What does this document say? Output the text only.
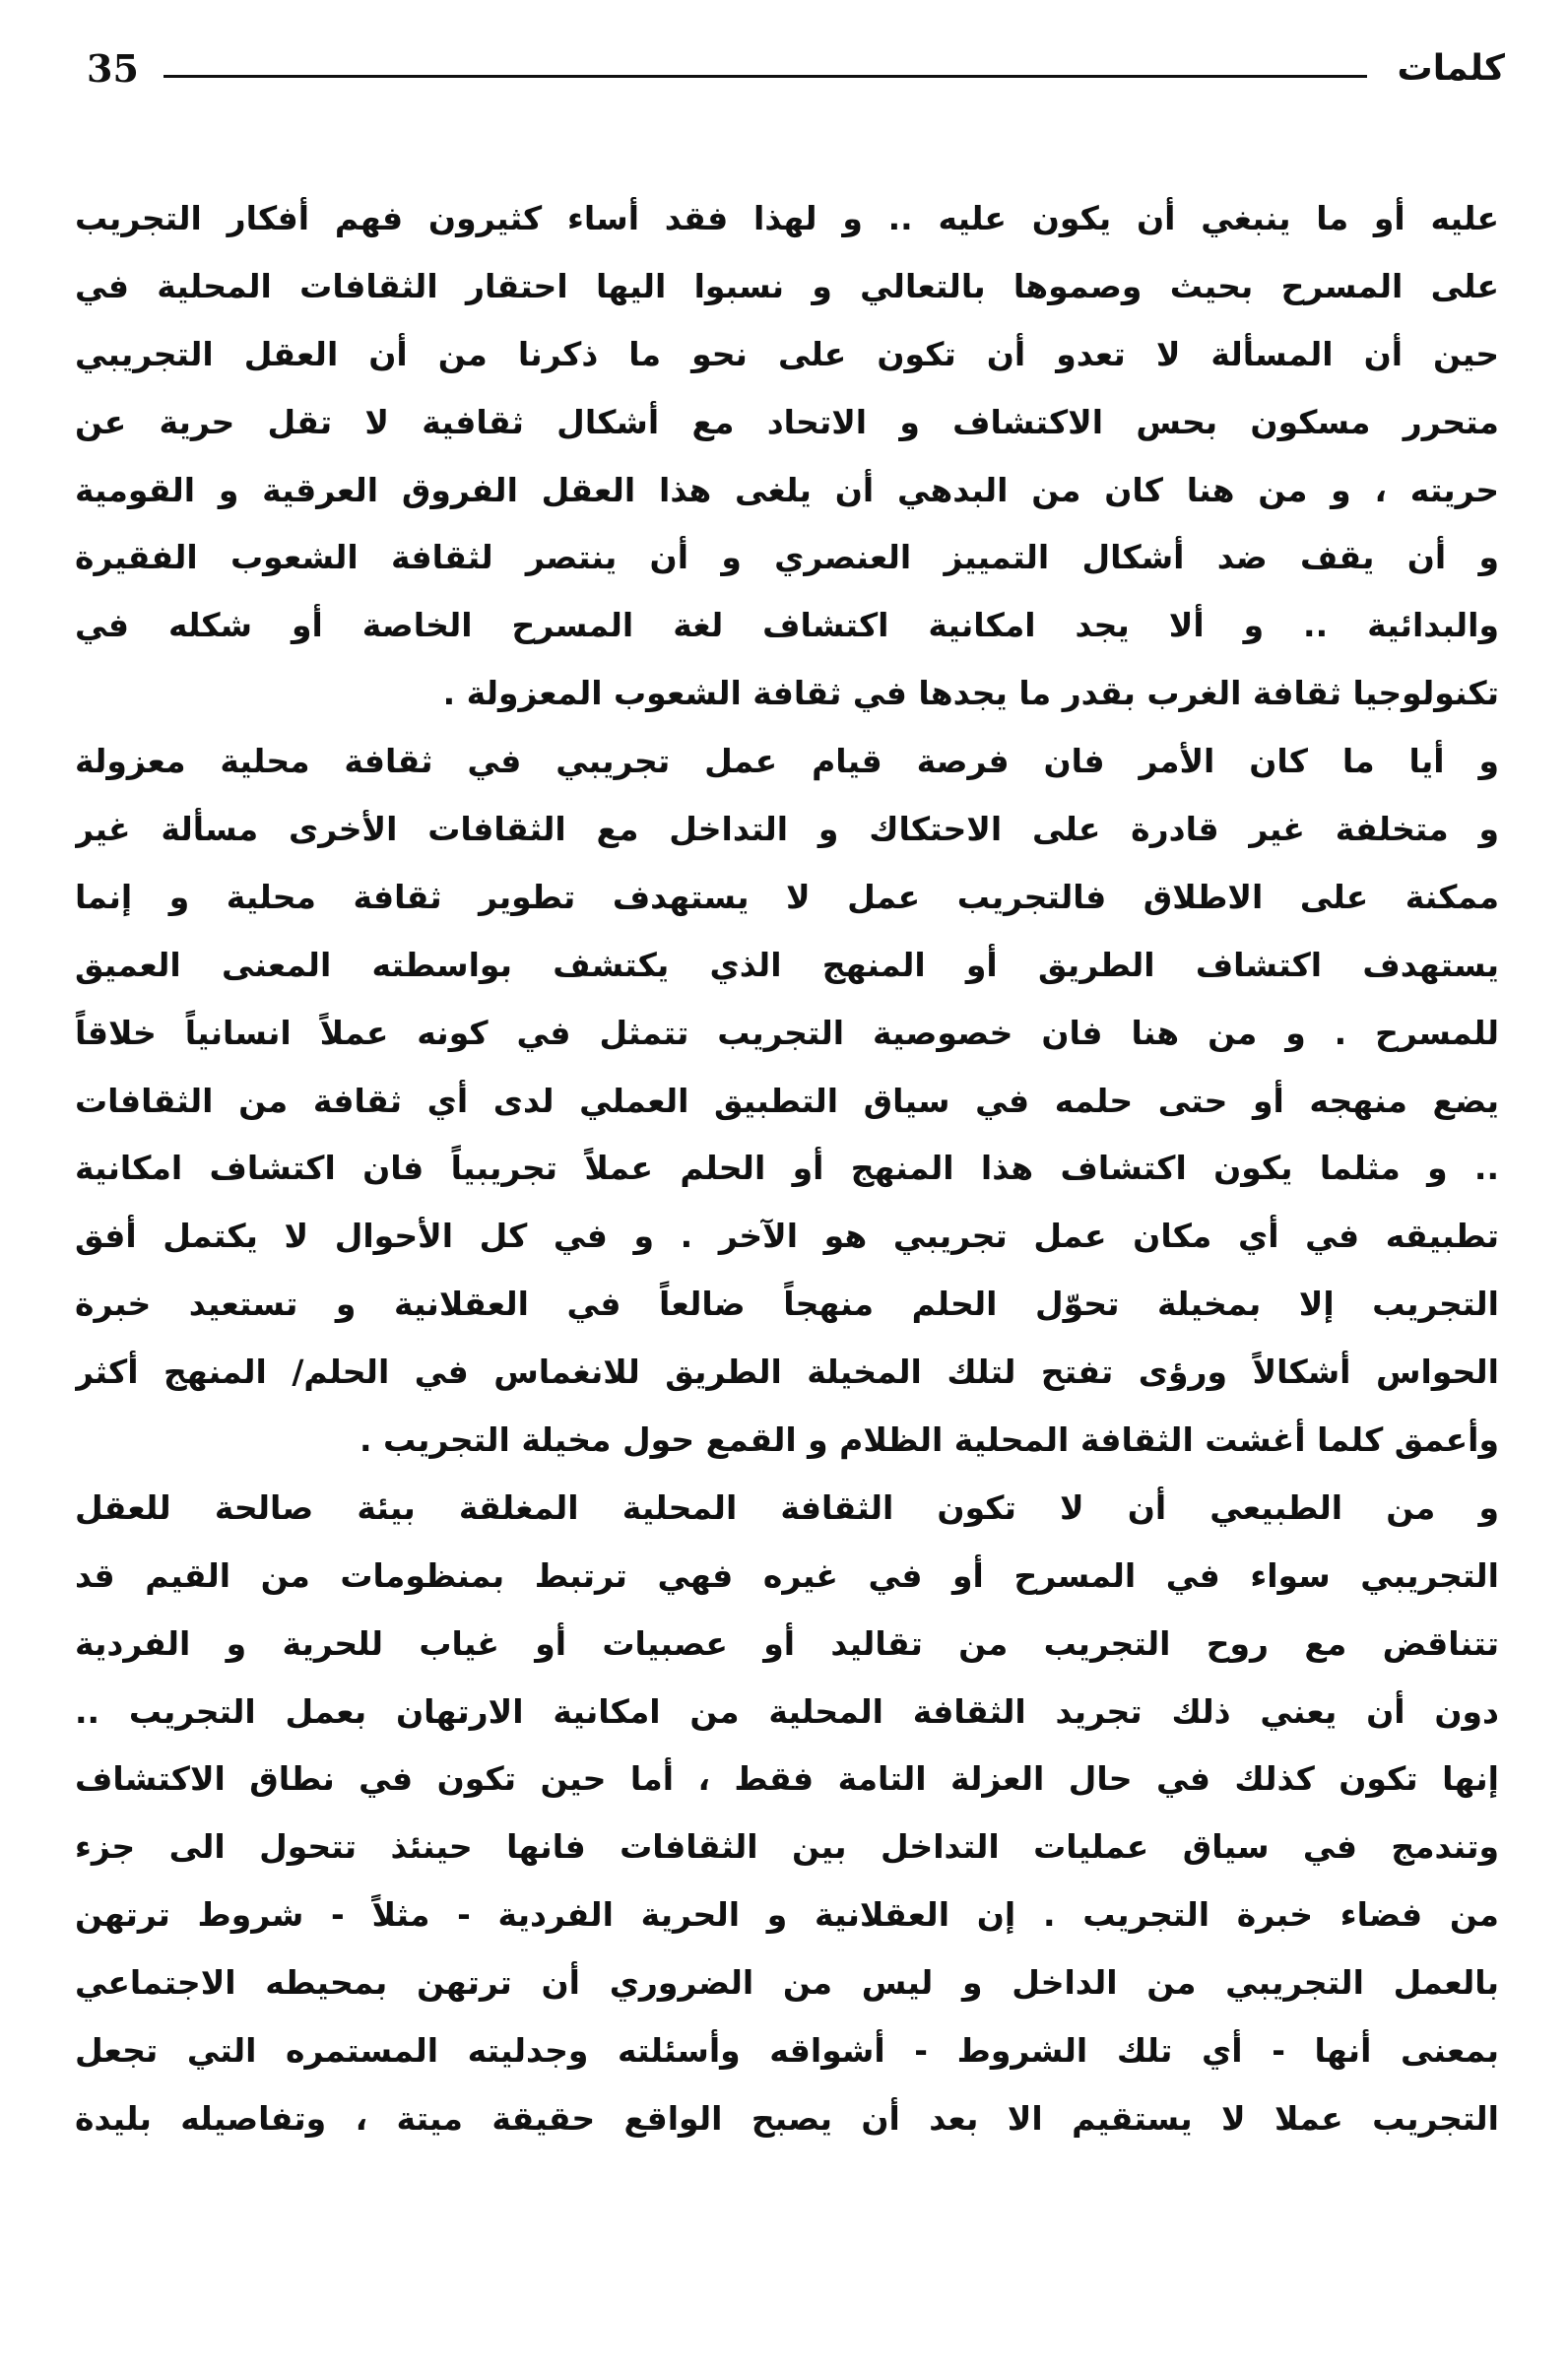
35	كلمات
عليه أو ما ينبغي أن يكون عليه .. و لهذا فقد أساء كثيرون فهم أفكار التجريب
على المسرح بحيث وصموها بالتعالي و نسبوا اليها احتقار الثقافات المحلية في
حين أن المسألة لا تعدو أن تكون على نحو ما ذكرنا من أن العقل التجريبي
متحرر مسكون بحس الاكتشاف و الاتحاد مع أشكال ثقافية لا تقل حرية عن
حريته ، و من هنا كان من البدهي أن يلغى هذا العقل الفروق العرقية و القومية
و أن يقف ضد أشكال التمييز العنصري و أن ينتصر لثقافة الشعوب الفقيرة
والبدائية .. و ألا يجد امكانية اكتشاف لغة المسرح الخاصة أو شكله في
تكنولوجيا ثقافة الغرب بقدر ما يجدها في ثقافة الشعوب المعزولة .
و أيا ما كان الأمر فان فرصة قيام عمل تجريبي في ثقافة محلية معزولة
و متخلفة غير قادرة على الاحتكاك و التداخل مع الثقافات الأخرى مسألة غير
ممكنة على الاطلاق فالتجريب عمل لا يستهدف تطوير ثقافة محلية و إنما
يستهدف اكتشاف الطريق أو المنهج الذي يكتشف بواسطته المعنى العميق
للمسرح . و من هنا فان خصوصية التجريب تتمثل في كونه عملاً انسانياً خلاقاً
يضع منهجه أو حتى حلمه في سياق التطبيق العملي لدى أي ثقافة من الثقافات
.. و مثلما يكون اكتشاف هذا المنهج أو الحلم عملاً تجريبياً فان اكتشاف امكانية
تطبيقه في أي مكان عمل تجريبي هو الآخر . و في كل الأحوال لا يكتمل أفق
التجريب إلا بمخيلة تحوّل الحلم منهجاً ضالعاً في العقلانية و تستعيد خبرة
الحواس أشكالاً ورؤى تفتح لتلك المخيلة الطريق للانغماس في الحلم/ المنهج أكثر
وأعمق كلما أغشت الثقافة المحلية الظلام و القمع حول مخيلة التجريب .
و من الطبيعي أن لا تكون الثقافة المحلية المغلقة بيئة صالحة للعقل
التجريبي سواء في المسرح أو في غيره فهي ترتبط بمنظومات من القيم قد
تتناقض مع روح التجريب من تقاليد أو عصبيات أو غياب للحرية و الفردية
دون أن يعني ذلك تجريد الثقافة المحلية من امكانية الارتهان بعمل التجريب ..
إنها تكون كذلك في حال العزلة التامة فقط ، أما حين تكون في نطاق الاكتشاف
وتندمج في سياق عمليات التداخل بين الثقافات فانها حينئذ تتحول الى جزء
من فضاء خبرة التجريب . إن العقلانية و الحرية الفردية - مثلاً - شروط ترتهن
بالعمل التجريبي من الداخل و ليس من الضروري أن ترتهن بمحيطه الاجتماعي
بمعنى أنها - أي تلك الشروط - أشواقه وأسئلته وجدليته المستمره التي تجعل
التجريب عملا لا يستقيم الا بعد أن يصبح الواقع حقيقة ميتة ، وتفاصيله بليدة
